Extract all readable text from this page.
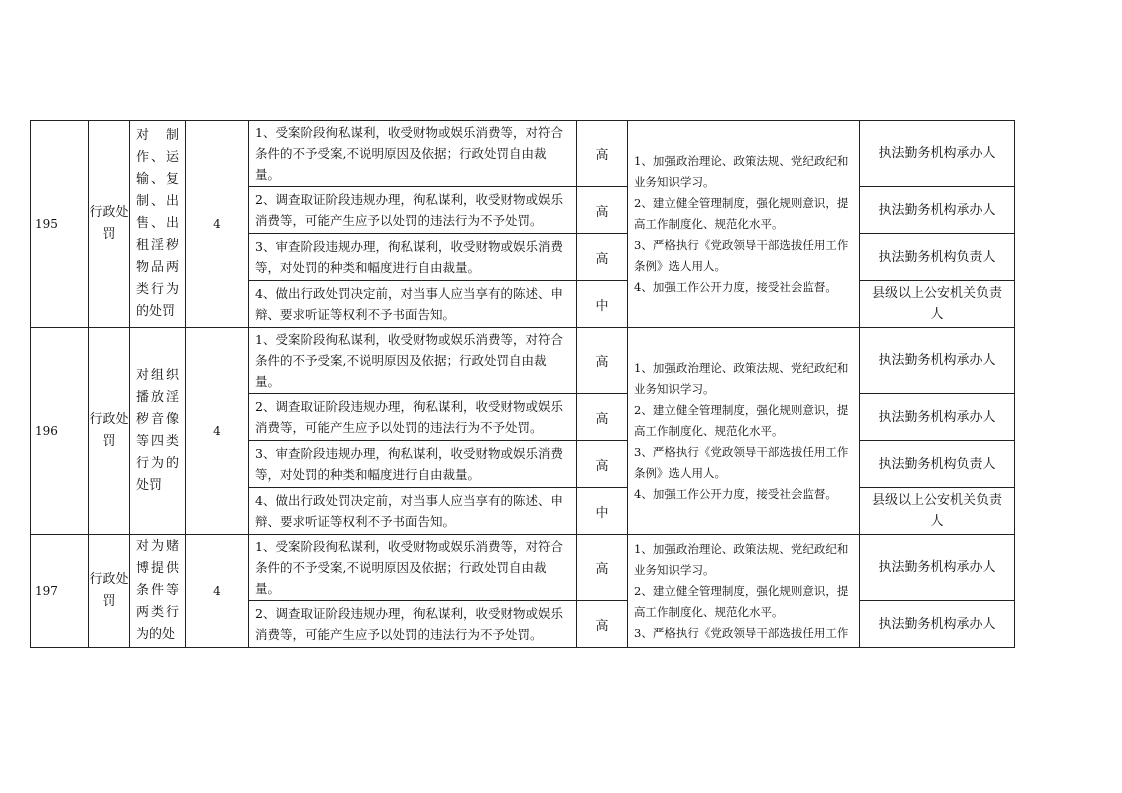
195	行政处罚	对制作、运输、复制、出售、出租淫秽物品两类行为的处罚	4	1、受案阶段徇私谋利，收受财物或娱乐消费等，对符合条件的不予受案,不说明原因及依据；行政处罚自由裁量。	高	1、加强政治理论、政策法规、党纪政纪和业务知识学习。
2、建立健全管理制度，强化规则意识，提高工作制度化、规范化水平。
3、严格执行《党政领导干部选拔任用工作条例》选人用人。
4、加强工作公开力度，接受社会监督。	执法勤务机构承办人
				2、调查取证阶段违规办理，徇私谋利，收受财物或娱乐消费等，可能产生应予以处罚的违法行为不予处罚。	高		执法勤务机构承办人
				3、审查阶段违规办理，徇私谋利，收受财物或娱乐消费等，对处罚的种类和幅度进行自由裁量。	高		执法勤务机构负责人
				4、做出行政处罚决定前，对当事人应当享有的陈述、申辩、要求听证等权利不予书面告知。	中		县级以上公安机关负责人
196	行政处罚	对组织播放淫秽音像等四类行为的处罚	4	1、受案阶段徇私谋利，收受财物或娱乐消费等，对符合条件的不予受案,不说明原因及依据；行政处罚自由裁量。	高	1、加强政治理论、政策法规、党纪政纪和业务知识学习。
2、建立健全管理制度，强化规则意识，提高工作制度化、规范化水平。
3、严格执行《党政领导干部选拔任用工作条例》选人用人。
4、加强工作公开力度，接受社会监督。	执法勤务机构承办人
				2、调查取证阶段违规办理，徇私谋利，收受财物或娱乐消费等，可能产生应予以处罚的违法行为不予处罚。	高		执法勤务机构承办人
				3、审查阶段违规办理，徇私谋利，收受财物或娱乐消费等，对处罚的种类和幅度进行自由裁量。	高		执法勤务机构负责人
				4、做出行政处罚决定前，对当事人应当享有的陈述、申辩、要求听证等权利不予书面告知。	中		县级以上公安机关负责人
197	行政处罚	对为赌博提供条件等两类行为的处	4	1、受案阶段徇私谋利，收受财物或娱乐消费等，对符合条件的不予受案,不说明原因及依据；行政处罚自由裁量。	高	1、加强政治理论、政策法规、党纪政纪和业务知识学习。
2、建立健全管理制度，强化规则意识，提高工作制度化、规范化水平。
3、严格执行《党政领导干部选拔任用工作	执法勤务机构承办人
				2、调查取证阶段违规办理，徇私谋利，收受财物或娱乐消费等，可能产生应予以处罚的违法行为不予处罚。	高		执法勤务机构承办人
